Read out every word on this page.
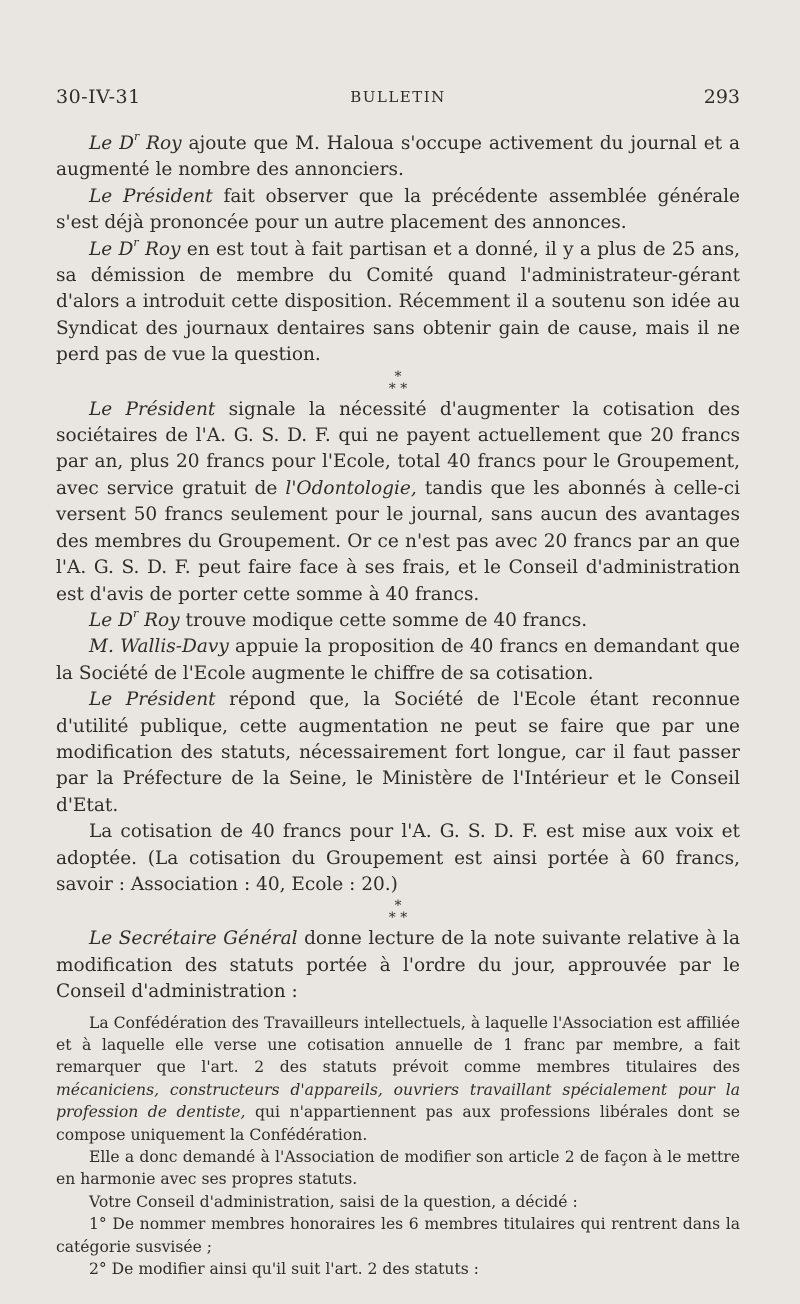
30-IV-31	BULLETIN	293

Le $D^r$ Roy ajoute que M. Haloua s'occupe activement du journal et a augmenté le nombre des annonciers.

Le Président fait observer que la précédente assemblée générale s'est déjà prononcée pour un autre placement des annonces.

Le $D^r$ Roy en est tout à fait partisan et a donné, il y a plus de 25 ans, sa démission de membre du Comité quand l'administrateur-gérant d'alors a introduit cette disposition. Récemment il a soutenu son idée au Syndicat des journaux dentaires sans obtenir gain de cause, mais il ne perd pas de vue la question.

*
* *

Le Président signale la nécessité d'augmenter la cotisation des sociétaires de l'A. G. S. D. F. qui ne payent actuellement que 20 francs par an, plus 20 francs pour l'Ecole, total 40 francs pour le Groupement, avec service gratuit de l'Odontologie, tandis que les abonnés à celle-ci versent 50 francs seulement pour le journal, sans aucun des avantages des membres du Groupement. Or ce n'est pas avec 20 francs par an que l'A. G. S. D. F. peut faire face à ses frais, et le Conseil d'administration est d'avis de porter cette somme à 40 francs.

Le $D^r$ Roy trouve modique cette somme de 40 francs.

M. Wallis-Davy appuie la proposition de 40 francs en demandant que la Société de l'Ecole augmente le chiffre de sa cotisation.

Le Président répond que, la Société de l'Ecole étant reconnue d'utilité publique, cette augmentation ne peut se faire que par une modification des statuts, nécessairement fort longue, car il faut passer par la Préfecture de la Seine, le Ministère de l'Intérieur et le Conseil d'Etat.

La cotisation de 40 francs pour l'A. G. S. D. F. est mise aux voix et adoptée. (La cotisation du Groupement est ainsi portée à 60 francs, savoir : Association : 40, Ecole : 20.)

*
* *

Le Secrétaire Général donne lecture de la note suivante relative à la modification des statuts portée à l'ordre du jour, approuvée par le Conseil d'administration :

La Confédération des Travailleurs intellectuels, à laquelle l'Association est affiliée et à laquelle elle verse une cotisation annuelle de 1 franc par membre, a fait remarquer que l'art. 2 des statuts prévoit comme membres titulaires des mécaniciens, constructeurs d'appareils, ouvriers travaillant spécialement pour la profession de dentiste, qui n'appartiennent pas aux professions libérales dont se compose uniquement la Confédération.

Elle a donc demandé à l'Association de modifier son article 2 de façon à le mettre en harmonie avec ses propres statuts.

Votre Conseil d'administration, saisi de la question, a décidé :

1° De nommer membres honoraires les 6 membres titulaires qui rentrent dans la catégorie susvisée ;

2° De modifier ainsi qu'il suit l'art. 2 des statuts :
